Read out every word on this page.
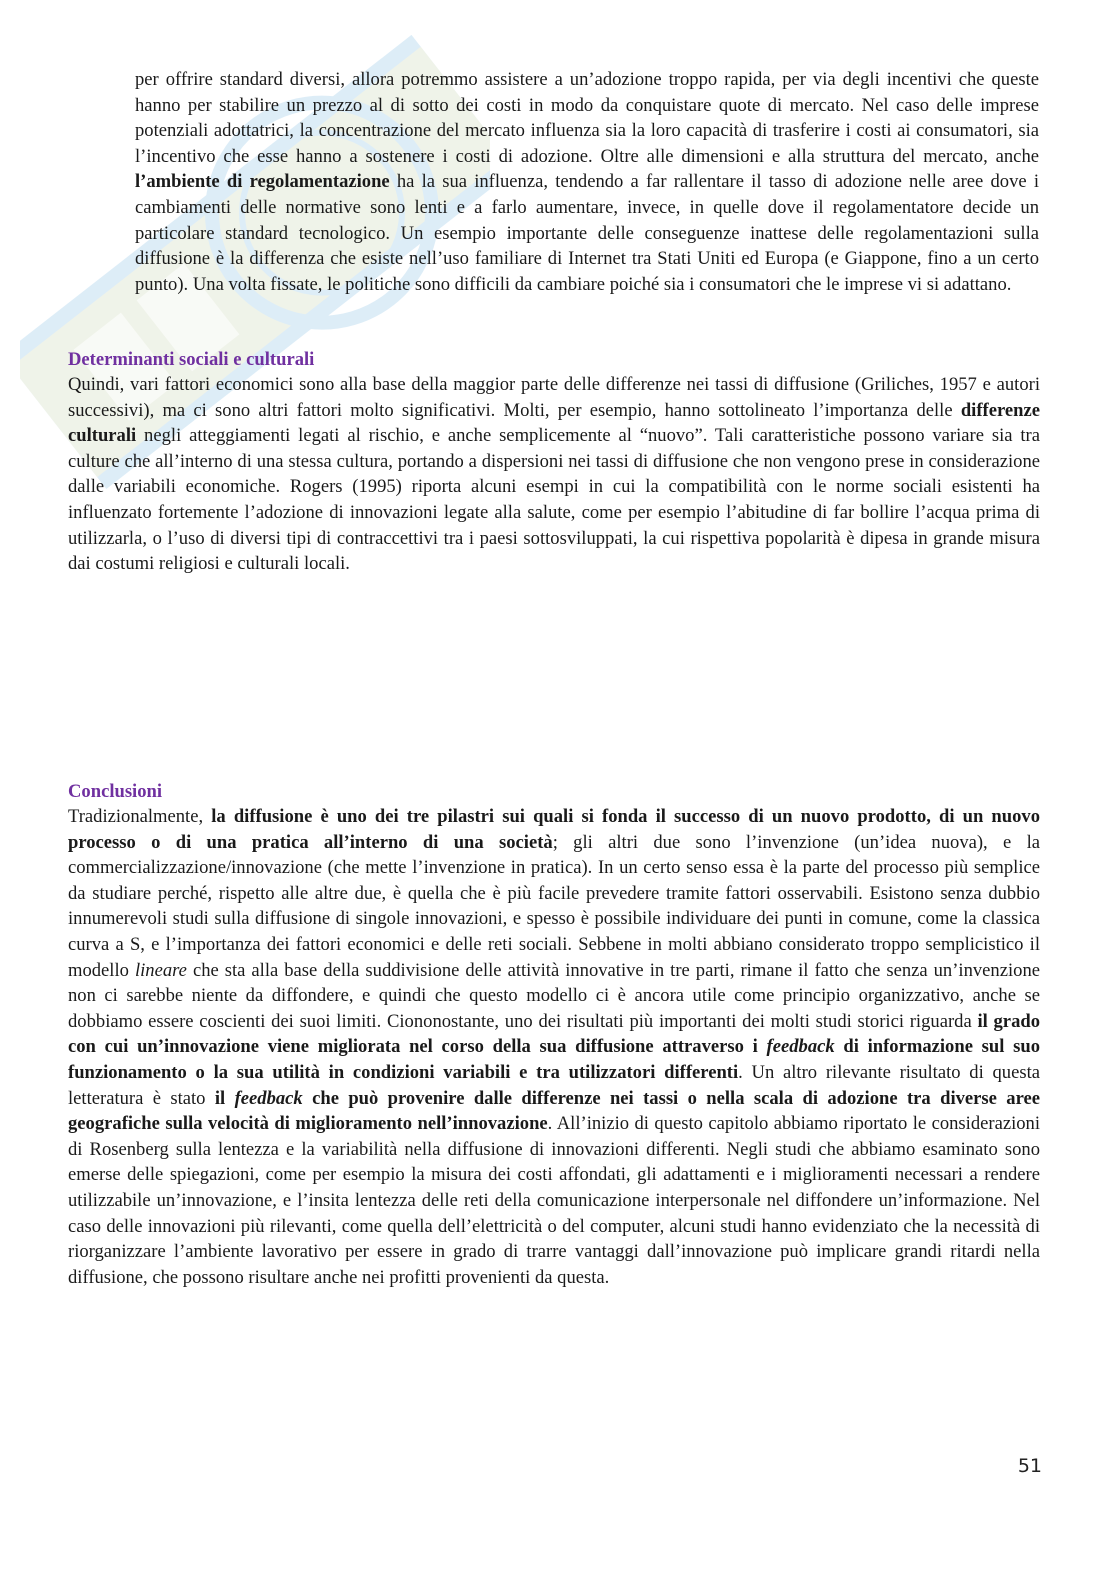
per offrire standard diversi, allora potremmo assistere a un’adozione troppo rapida, per via degli incentivi che queste hanno per stabilire un prezzo al di sotto dei costi in modo da conquistare quote di mercato. Nel caso delle imprese potenziali adottatrici, la concentrazione del mercato influenza sia la loro capacità di trasferire i costi ai consumatori, sia l’incentivo che esse hanno a sostenere i costi di adozione. Oltre alle dimensioni e alla struttura del mercato, anche l’ambiente di regolamentazione ha la sua influenza, tendendo a far rallentare il tasso di adozione nelle aree dove i cambiamenti delle normative sono lenti e a farlo aumentare, invece, in quelle dove il regolamentatore decide un particolare standard tecnologico. Un esempio importante delle conseguenze inattese delle regolamentazioni sulla diffusione è la differenza che esiste nell’uso familiare di Internet tra Stati Uniti ed Europa (e Giappone, fino a un certo punto). Una volta fissate, le politiche sono difficili da cambiare poiché sia i consumatori che le imprese vi si adattano.

Determinanti sociali e culturali

Quindi, vari fattori economici sono alla base della maggior parte delle differenze nei tassi di diffusione (Griliches, 1957 e autori successivi), ma ci sono altri fattori molto significativi. Molti, per esempio, hanno sottolineato l’importanza delle differenze culturali negli atteggiamenti legati al rischio, e anche semplicemente al “nuovo”. Tali caratteristiche possono variare sia tra culture che all’interno di una stessa cultura, portando a dispersioni nei tassi di diffusione che non vengono prese in considerazione dalle variabili economiche. Rogers (1995) riporta alcuni esempi in cui la compatibilità con le norme sociali esistenti ha influenzato fortemente l’adozione di innovazioni legate alla salute, come per esempio l’abitudine di far bollire l’acqua prima di utilizzarla, o l’uso di diversi tipi di contraccettivi tra i paesi sottosviluppati, la cui rispettiva popolarità è dipesa in grande misura dai costumi religiosi e culturali locali.

Conclusioni

Tradizionalmente, la diffusione è uno dei tre pilastri sui quali si fonda il successo di un nuovo prodotto, di un nuovo processo o di una pratica all’interno di una società; gli altri due sono l’invenzione (un’idea nuova), e la commercializzazione/innovazione (che mette l’invenzione in pratica). In un certo senso essa è la parte del processo più semplice da studiare perché, rispetto alle altre due, è quella che è più facile prevedere tramite fattori osservabili. Esistono senza dubbio innumerevoli studi sulla diffusione di singole innovazioni, e spesso è possibile individuare dei punti in comune, come la classica curva a S, e l’importanza dei fattori economici e delle reti sociali. Sebbene in molti abbiano considerato troppo semplicistico il modello lineare che sta alla base della suddivisione delle attività innovative in tre parti, rimane il fatto che senza un’invenzione non ci sarebbe niente da diffondere, e quindi che questo modello ci è ancora utile come principio organizzativo, anche se dobbiamo essere coscienti dei suoi limiti. Ciononostante, uno dei risultati più importanti dei molti studi storici riguarda il grado con cui un’innovazione viene migliorata nel corso della sua diffusione attraverso i feedback di informazione sul suo funzionamento o la sua utilità in condizioni variabili e tra utilizzatori differenti. Un altro rilevante risultato di questa letteratura è stato il feedback che può provenire dalle differenze nei tassi o nella scala di adozione tra diverse aree geografiche sulla velocità di miglioramento nell’innovazione. All’inizio di questo capitolo abbiamo riportato le considerazioni di Rosenberg sulla lentezza e la variabilità nella diffusione di innovazioni differenti. Negli studi che abbiamo esaminato sono emerse delle spiegazioni, come per esempio la misura dei costi affondati, gli adattamenti e i miglioramenti necessari a rendere utilizzabile un’innovazione, e l’insita lentezza delle reti della comunicazione interpersonale nel diffondere un’informazione. Nel caso delle innovazioni più rilevanti, come quella dell’elettricità o del computer, alcuni studi hanno evidenziato che la necessità di riorganizzare l’ambiente lavorativo per essere in grado di trarre vantaggi dall’innovazione può implicare grandi ritardi nella diffusione, che possono risultare anche nei profitti provenienti da questa.

51
